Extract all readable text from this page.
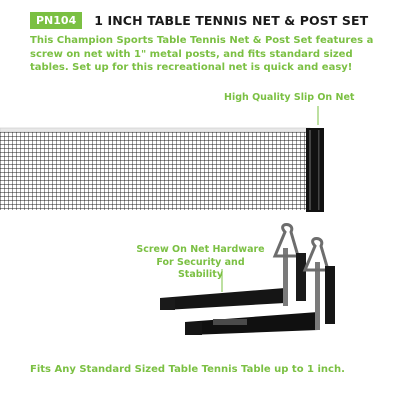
PN104	1 INCH TABLE TENNIS NET & POST SET
This Champion Sports Table Tennis Net & Post Set features a screw on net with 1" metal posts, and fits standard sized tables. Set up for this recreational net is quick and easy!
High Quality Slip On Net
Screw On Net Hardware
For Security and Stability
Fits Any Standard Sized Table Tennis Table up to 1 inch.
